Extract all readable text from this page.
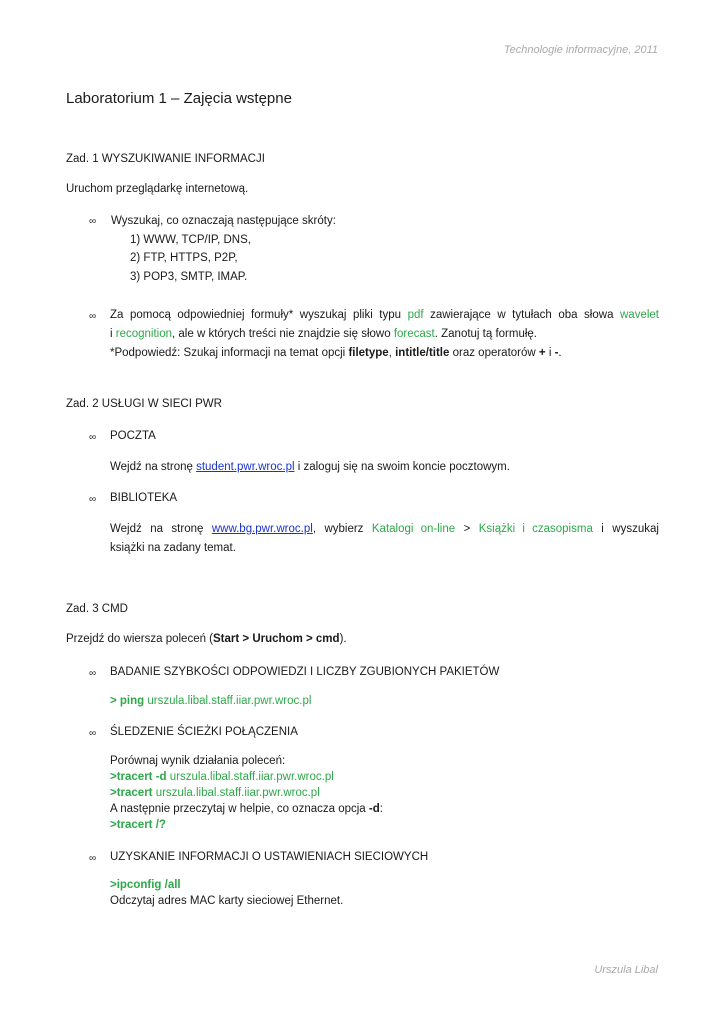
Technologie informacyjne, 2011
Laboratorium 1 – Zajęcia wstępne
Zad. 1 WYSZUKIWANIE INFORMACJI
Uruchom przeglądarkę internetową.
∞ Wyszukaj, co oznaczają następujące skróty:
1) WWW, TCP/IP, DNS,
2) FTP, HTTPS, P2P,
3) POP3, SMTP, IMAP.
∞ Za pomocą odpowiedniej formuły* wyszukaj pliki typu pdf zawierające w tytułach oba słowa wavelet
i recognition, ale w których treści nie znajdzie się słowo forecast. Zanotuj tą formułę.
*Podpowiedź: Szukaj informacji na temat opcji filetype, intitle/title oraz operatorów + i -.
Zad. 2 USŁUGI W SIECI PWR
∞ POCZTA
Wejdź na stronę student.pwr.wroc.pl i zaloguj się na swoim koncie pocztowym.
∞ BIBLIOTEKA
Wejdź na stronę www.bg.pwr.wroc.pl, wybierz Katalogi on-line > Książki i czasopisma i wyszukaj
książki na zadany temat.
Zad. 3 CMD
Przejdź do wiersza poleceń (Start > Uruchom > cmd).
∞ BADANIE SZYBKOŚCI ODPOWIEDZI I LICZBY ZGUBIONYCH PAKIETÓW
> ping urszula.libal.staff.iiar.pwr.wroc.pl
∞ ŚLEDZENIE ŚCIEŻKI POŁĄCZENIA
Porównaj wynik działania poleceń:
>tracert -d urszula.libal.staff.iiar.pwr.wroc.pl
>tracert urszula.libal.staff.iiar.pwr.wroc.pl
A następnie przeczytaj w helpie, co oznacza opcja -d:
>tracert /?
∞ UZYSKANIE INFORMACJI O USTAWIENIACH SIECIOWYCH
>ipconfig /all
Odczytaj adres MAC karty sieciowej Ethernet.
Urszula Libal
